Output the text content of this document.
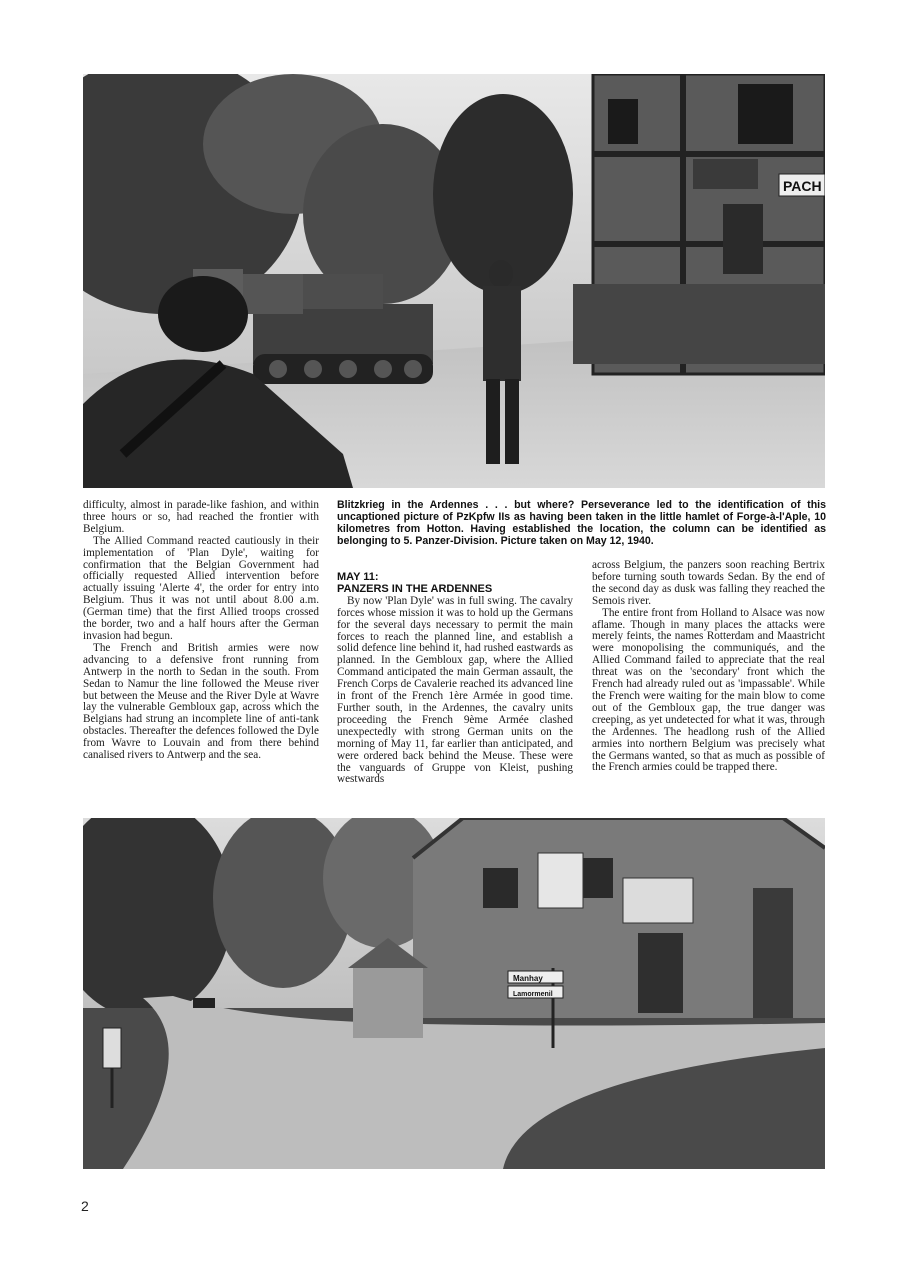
PACH

difficulty, almost in parade-like fashion, and within three hours or so, had reached the frontier with Belgium.

The Allied Command reacted cautiously in their implementation of 'Plan Dyle', waiting for confirmation that the Belgian Government had officially requested Allied intervention before actually issuing 'Alerte 4', the order for entry into Belgium. Thus it was not until about 8.00 a.m. (German time) that the first Allied troops crossed the border, two and a half hours after the German invasion had begun.

The French and British armies were now advancing to a defensive front running from Antwerp in the north to Sedan in the south. From Sedan to Namur the line followed the Meuse river but between the Meuse and the River Dyle at Wavre lay the vulnerable Gembloux gap, across which the Belgians had strung an incomplete line of anti-tank obstacles. Thereafter the defences followed the Dyle from Wavre to Louvain and from there behind canalised rivers to Antwerp and the sea.

Blitzkrieg in the Ardennes . . . but where? Perseverance led to the identification of this uncaptioned picture of PzKpfw IIs as having been taken in the little hamlet of Forge-à-l'Aple, 10 kilometres from Hotton. Having established the location, the column can be identified as belonging to 5. Panzer-Division. Picture taken on May 12, 1940.

MAY 11:

PANZERS IN THE ARDENNES

By now 'Plan Dyle' was in full swing. The cavalry forces whose mission it was to hold up the Germans for the several days necessary to permit the main forces to reach the planned line, and establish a solid defence line behind it, had rushed eastwards as planned. In the Gembloux gap, where the Allied Command anticipated the main German assault, the French Corps de Cavalerie reached its advanced line in front of the French 1ère Armée in good time. Further south, in the Ardennes, the cavalry units proceeding the French 9ème Armée clashed unexpectedly with strong German units on the morning of May 11, far earlier than anticipated, and were ordered back behind the Meuse. These were the vanguards of Gruppe von Kleist, pushing westwards

across Belgium, the panzers soon reaching Bertrix before turning south towards Sedan. By the end of the second day as dusk was falling they reached the Semois river.

The entire front from Holland to Alsace was now aflame. Though in many places the attacks were merely feints, the names Rotterdam and Maastricht were monopolising the communiqués, and the Allied Command failed to appreciate that the real threat was on the 'secondary' front which the French had already ruled out as 'impassable'. While the French were waiting for the main blow to come out of the Gembloux gap, the true danger was creeping, as yet undetected for what it was, through the Ardennes. The headlong rush of the Allied armies into northern Belgium was precisely what the Germans wanted, so that as much as possible of the French armies could be trapped there.

Manhay
Lamormenil
2
